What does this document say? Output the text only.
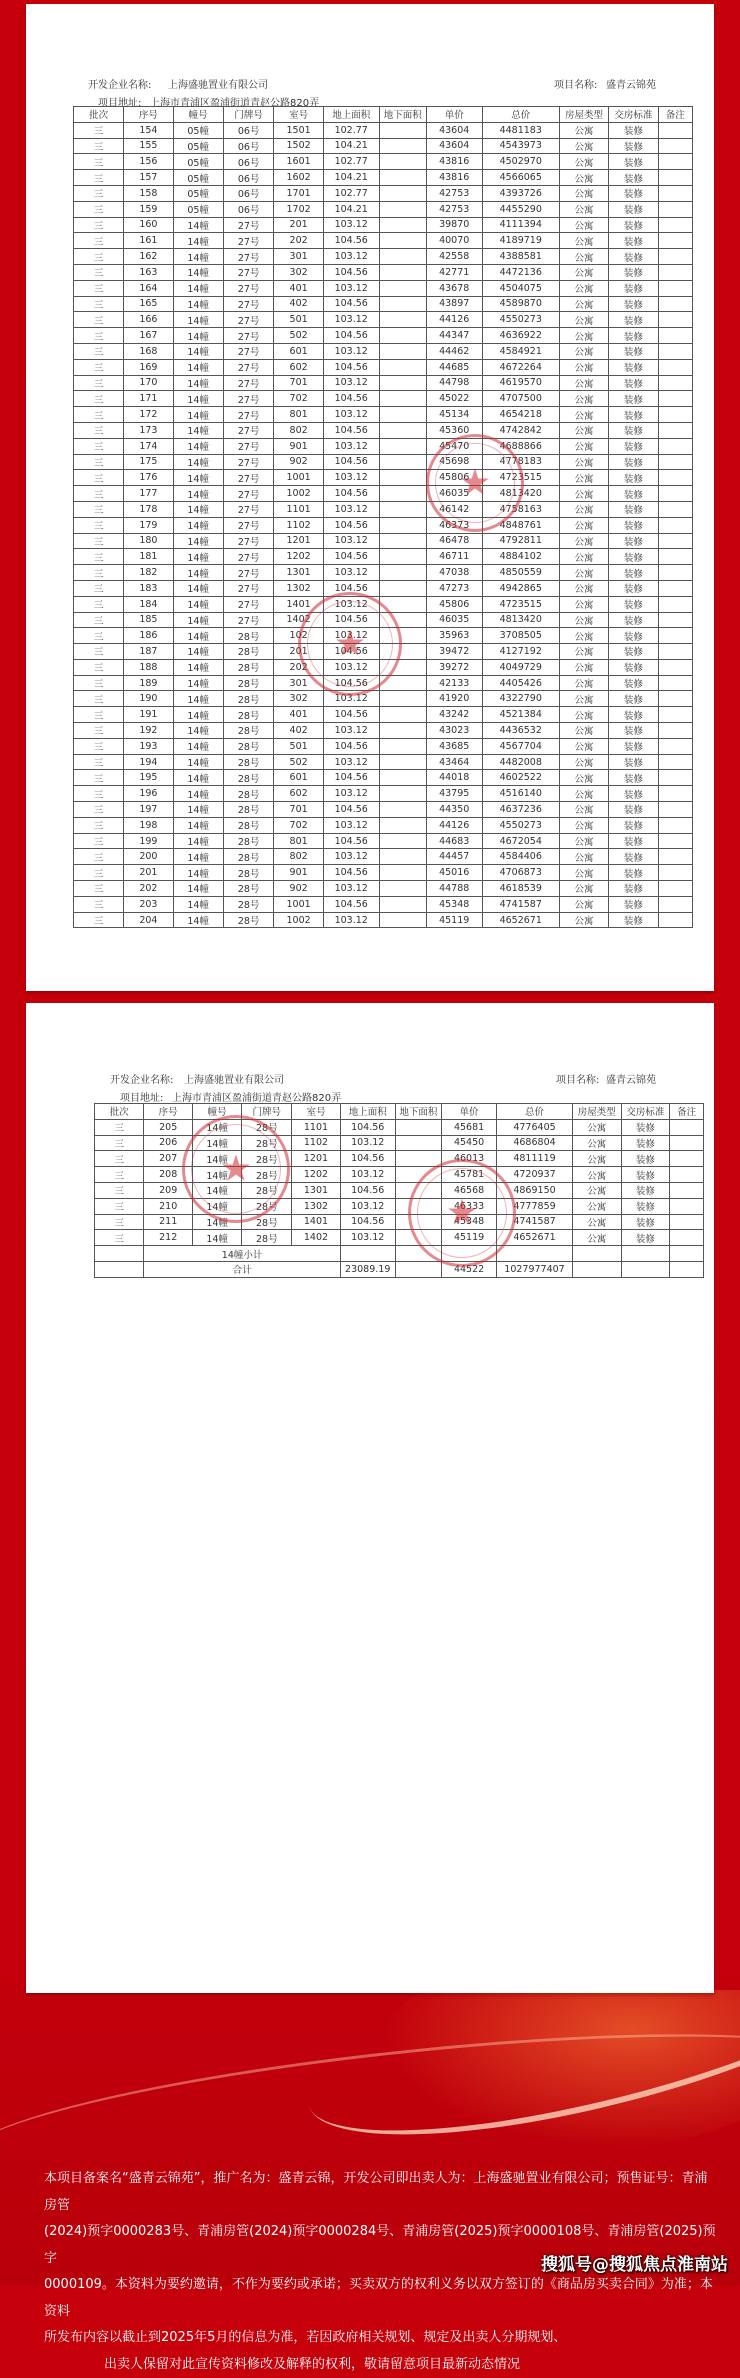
开发企业名称: 上海盛驰置业有限公司	项目名称: 盛青云锦苑
项目地址: 上海市青浦区盈浦街道青赵公路820弄
批次	序号	幢号	门牌号	室号	地上面积	地下面积	单价	总价	房屋类型	交房标准	备注
三	154	05幢	06号	1501	102.77		43604	4481183	公寓	装修	
三	155	05幢	06号	1502	104.21		43604	4543973	公寓	装修	
三	156	05幢	06号	1601	102.77		43816	4502970	公寓	装修	
三	157	05幢	06号	1602	104.21		43816	4566065	公寓	装修	
三	158	05幢	06号	1701	102.77		42753	4393726	公寓	装修	
三	159	05幢	06号	1702	104.21		42753	4455290	公寓	装修	
三	160	14幢	27号	201	103.12		39870	4111394	公寓	装修	
三	161	14幢	27号	202	104.56		40070	4189719	公寓	装修	
三	162	14幢	27号	301	103.12		42558	4388581	公寓	装修	
三	163	14幢	27号	302	104.56		42771	4472136	公寓	装修	
三	164	14幢	27号	401	103.12		43678	4504075	公寓	装修	
三	165	14幢	27号	402	104.56		43897	4589870	公寓	装修	
三	166	14幢	27号	501	103.12		44126	4550273	公寓	装修	
三	167	14幢	27号	502	104.56		44347	4636922	公寓	装修	
三	168	14幢	27号	601	103.12		44462	4584921	公寓	装修	
三	169	14幢	27号	602	104.56		44685	4672264	公寓	装修	
三	170	14幢	27号	701	103.12		44798	4619570	公寓	装修	
三	171	14幢	27号	702	104.56		45022	4707500	公寓	装修	
三	172	14幢	27号	801	103.12		45134	4654218	公寓	装修	
三	173	14幢	27号	802	104.56		45360	4742842	公寓	装修	
三	174	14幢	27号	901	103.12		45470	4688866	公寓	装修	
三	175	14幢	27号	902	104.56		45698	4778183	公寓	装修	
三	176	14幢	27号	1001	103.12		45806	4723515	公寓	装修	
三	177	14幢	27号	1002	104.56		46035	4813420	公寓	装修	
三	178	14幢	27号	1101	103.12		46142	4758163	公寓	装修	
三	179	14幢	27号	1102	104.56		46373	4848761	公寓	装修	
三	180	14幢	27号	1201	103.12		46478	4792811	公寓	装修	
三	181	14幢	27号	1202	104.56		46711	4884102	公寓	装修	
三	182	14幢	27号	1301	103.12		47038	4850559	公寓	装修	
三	183	14幢	27号	1302	104.56		47273	4942865	公寓	装修	
三	184	14幢	27号	1401	103.12		45806	4723515	公寓	装修	
三	185	14幢	27号	1402	104.56		46035	4813420	公寓	装修	
三	186	14幢	28号	102	103.12		35963	3708505	公寓	装修	
三	187	14幢	28号	201	104.56		39472	4127192	公寓	装修	
三	188	14幢	28号	202	103.12		39272	4049729	公寓	装修	
三	189	14幢	28号	301	104.56		42133	4405426	公寓	装修	
三	190	14幢	28号	302	103.12		41920	4322790	公寓	装修	
三	191	14幢	28号	401	104.56		43242	4521384	公寓	装修	
三	192	14幢	28号	402	103.12		43023	4436532	公寓	装修	
三	193	14幢	28号	501	104.56		43685	4567704	公寓	装修	
三	194	14幢	28号	502	103.12		43464	4482008	公寓	装修	
三	195	14幢	28号	601	104.56		44018	4602522	公寓	装修	
三	196	14幢	28号	602	103.12		43795	4516140	公寓	装修	
三	197	14幢	28号	701	104.56		44350	4637236	公寓	装修	
三	198	14幢	28号	702	103.12		44126	4550273	公寓	装修	
三	199	14幢	28号	801	104.56		44683	4672054	公寓	装修	
三	200	14幢	28号	802	103.12		44457	4584406	公寓	装修	
三	201	14幢	28号	901	104.56		45016	4706873	公寓	装修	
三	202	14幢	28号	902	103.12		44788	4618539	公寓	装修	
三	203	14幢	28号	1001	104.56		45348	4741587	公寓	装修	
三	204	14幢	28号	1002	103.12		45119	4652671	公寓	装修	
★
★
开发企业名称: 上海盛驰置业有限公司	项目名称: 盛青云锦苑
项目地址: 上海市青浦区盈浦街道青赵公路820弄
批次	序号	幢号	门牌号	室号	地上面积	地下面积	单价	总价	房屋类型	交房标准	备注
三	205	14幢	28号	1101	104.56		45681	4776405	公寓	装修	
三	206	14幢	28号	1102	103.12		45450	4686804	公寓	装修	
三	207	14幢	28号	1201	104.56		46013	4811119	公寓	装修	
三	208	14幢	28号	1202	103.12		45781	4720937	公寓	装修	
三	209	14幢	28号	1301	104.56		46568	4869150	公寓	装修	
三	210	14幢	28号	1302	103.12		46333	4777859	公寓	装修	
三	211	14幢	28号	1401	104.56		45348	4741587	公寓	装修	
三	212	14幢	28号	1402	103.12		45119	4652671	公寓	装修	
	14幢小计										
	合计				23089.19		44522	1027977407			
★
★

本项目备案名“盛青云锦苑”，推广名为：盛青云锦，开发公司即出卖人为：上海盛驰置业有限公司；预售证号：青浦房管

(2024)预字0000283号、青浦房管(2024)预字0000284号、青浦房管(2025)预字0000108号、青浦房管(2025)预字

0000109。本资料为要约邀请，不作为要约或承诺；买卖双方的权利义务以双方签订的《商品房买卖合同》为准；本资料

所发布内容以截止到2025年5月的信息为准，若因政府相关规划、规定及出卖人分期规划、

出卖人保留对此宣传资料修改及解释的权利，敬请留意项目最新动态情况

搜狐号@搜狐焦点淮南站
